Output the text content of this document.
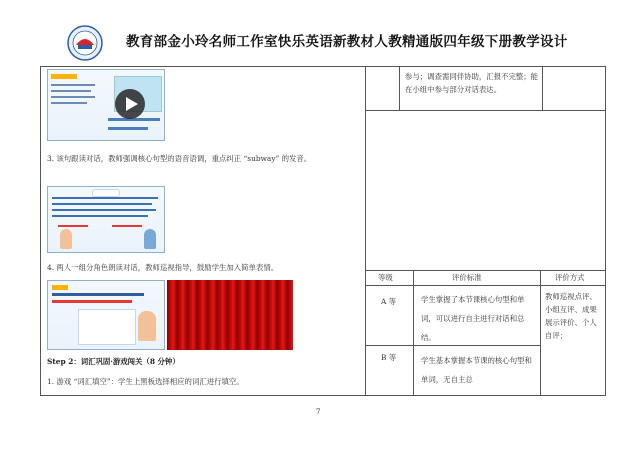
教育部金小玲名师工作室快乐英语新教材人教精通版四年级下册教学设计
等级	评价标准	评价方式
A 等	学生掌握了本节课核心句型和单词，可以进行自主进行对话和总结。
B 等	学生基本掌握本节课的核心句型和单词，无自主总
教师巡视点评、小组互评、成果展示评价、个人自评；
参与；调查需同伴协助，汇报不完整；能在小组中参与部分对话表达。
3. 该句跟读对话，教师强调核心句型的语音语调，重点纠正 “subway” 的发音。
4. 两人一组分角色朗读对话，教师巡视指导，鼓励学生加入简单表情。
Step 2：词汇巩固·游戏闯关（8 分钟）
1. 游戏 “词汇填空”：学生上黑板选择相应的词汇进行填空。
7
